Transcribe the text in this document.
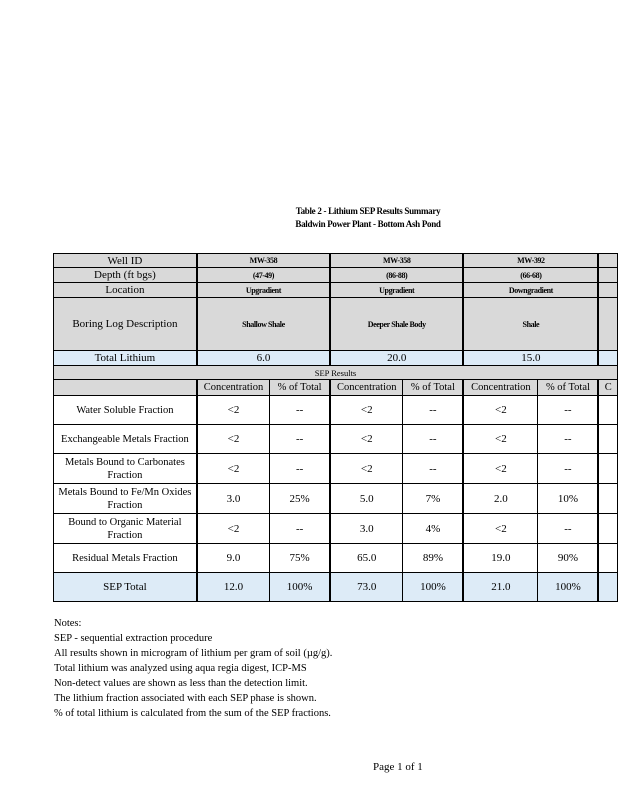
Table 2 - Lithium SEP Results Summary
Baldwin Power Plant - Bottom Ash Pond
Well ID	MW-358		MW-358		MW-392		
Depth (ft bgs)	(47-49)		(86-88)		(66-68)		
Location	Upgradient		Upgradient		Downgradient		
Boring Log Description	Shallow Shale		Deeper Shale Body		Shale		
Total Lithium	6.0		20.0		15.0		
SEP Results							
	Concentration	% of Total	Concentration	% of Total	Concentration	% of Total	C
Water Soluble Fraction	<2	--	<2	--	<2	--	
Exchangeable Metals Fraction	<2	--	<2	--	<2	--	
Metals Bound to Carbonates Fraction	<2	--	<2	--	<2	--	
Metals Bound to Fe/Mn Oxides Fraction	3.0	25%	5.0	7%	2.0	10%	
Bound to Organic Material Fraction	<2	--	3.0	4%	<2	--	
Residual Metals Fraction	9.0	75%	65.0	89%	19.0	90%	
SEP Total	12.0	100%	73.0	100%	21.0	100%	
Notes:
SEP - sequential extraction procedure
All results shown in microgram of lithium per gram of soil (µg/g).
Total lithium was analyzed using aqua regia digest, ICP-MS
Non-detect values are shown as less than the detection limit.
The lithium fraction associated with each SEP phase is shown.
% of total lithium is calculated from the sum of the SEP fractions.
Page 1 of 1
